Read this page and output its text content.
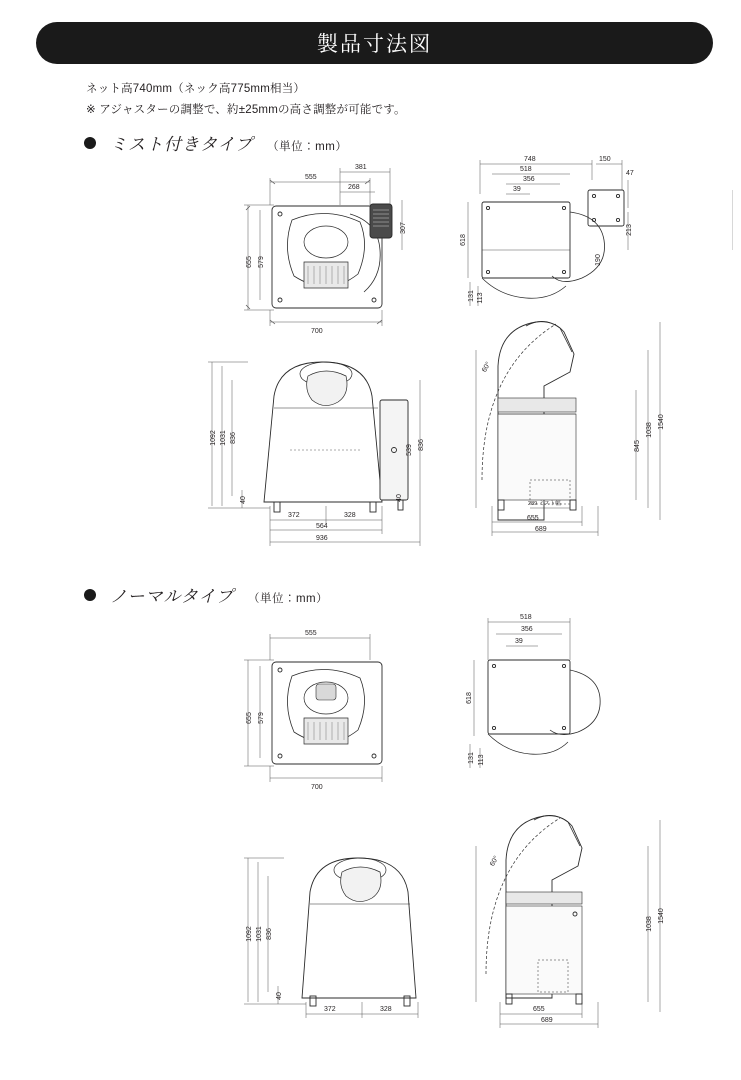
製品寸法図
ネット高740mm（ネック高775mm相当）
※ アジャスターの調整で、約±25mmの高さ調整が可能です。
ミスト付きタイプ （単位：mm）
ノーマルタイプ （単位：mm）
555
381
268
700
655 579
307
748
518
356
39
150
47
213
618
131 113
190
1092 1031 836
40
539 836
40
372	328
564
936
1540
1038
845
60°
289 ミスト幅
655
689
555
700
655 579
518
356
39
618
131 113
1092 1031 836
40
372	328
1540
1038
60°
655
689
